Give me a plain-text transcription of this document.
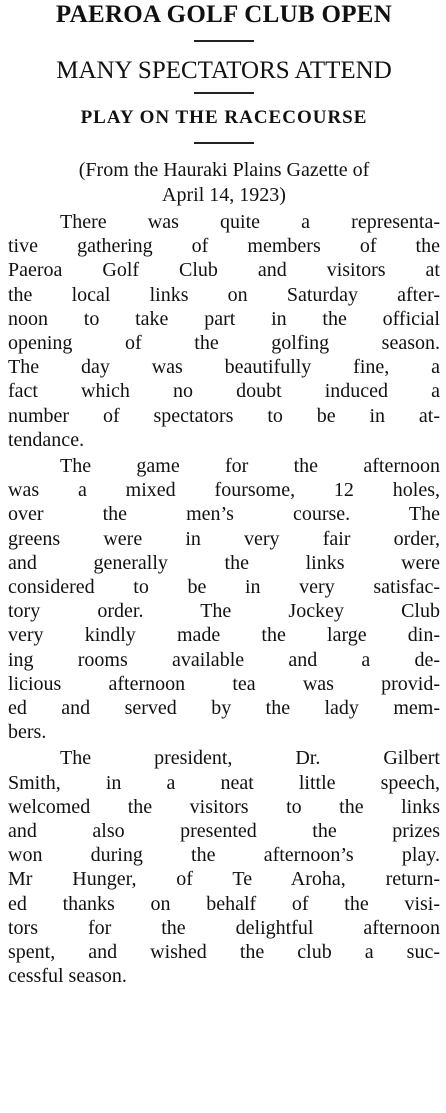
PAEROA GOLF CLUB OPEN
MANY SPECTATORS ATTEND
PLAY ON THE RACECOURSE

(From the Hauraki Plains Gazette of
April 14, 1923)

There was quite a representa-
tive gathering of members of the
Paeroa Golf Club and visitors at
the local links on Saturday after-
noon to take part in the official
opening of the golfing season.
The day was beautifully fine, a
fact which no doubt induced a
number of spectators to be in at-
tendance.
The game for the afternoon
was a mixed foursome, 12 holes,
over the men’s course. The
greens were in very fair order,
and generally the links were
considered to be in very satisfac-
tory order. The Jockey Club
very kindly made the large din-
ing rooms available and a de-
licious afternoon tea was provid-
ed and served by the lady mem-
bers.
The president, Dr. Gilbert
Smith, in a neat little speech,
welcomed the visitors to the links
and also presented the prizes
won during the afternoon’s play.
Mr Hunger, of Te Aroha, return-
ed thanks on behalf of the visi-
tors for the delightful afternoon
spent, and wished the club a suc-
cessful season.
